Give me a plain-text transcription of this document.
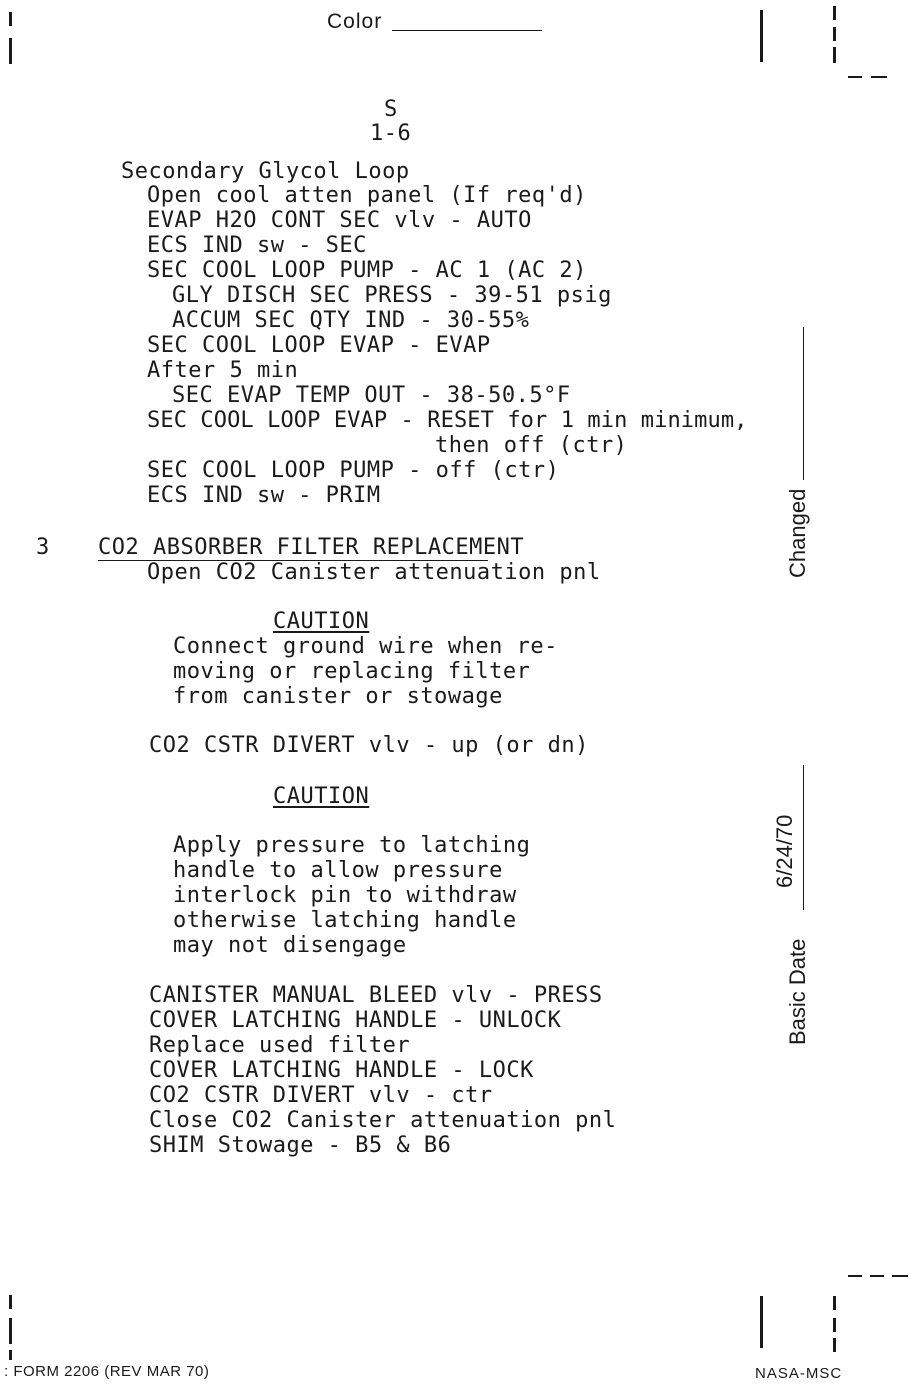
Color
S
1-6
Secondary Glycol Loop
Open cool atten panel (If req'd)
EVAP H2O CONT SEC vlv - AUTO
ECS IND sw - SEC
SEC COOL LOOP PUMP - AC 1 (AC 2)
GLY DISCH SEC PRESS - 39-51 psig
ACCUM SEC QTY IND - 30-55%
SEC COOL LOOP EVAP - EVAP
After 5 min
SEC EVAP TEMP OUT - 38-50.5°F
SEC COOL LOOP EVAP - RESET for 1 min minimum,
then off (ctr)
SEC COOL LOOP PUMP - off (ctr)
ECS IND sw - PRIM
3 CO2 ABSORBER FILTER REPLACEMENT
Open CO2 Canister attenuation pnl
CAUTION
Connect ground wire when re-
moving or replacing filter
from canister or stowage
CO2 CSTR DIVERT vlv - up (or dn)
CAUTION
Apply pressure to latching
handle to allow pressure
interlock pin to withdraw
otherwise latching handle
may not disengage
CANISTER MANUAL BLEED vlv - PRESS
COVER LATCHING HANDLE - UNLOCK
Replace used filter
COVER LATCHING HANDLE - LOCK
CO2 CSTR DIVERT vlv - ctr
Close CO2 Canister attenuation pnl
SHIM Stowage - B5 & B6
Changed
Basic Date
6/24/70
: FORM 2206 (REV MAR 70)	NASA-MSC
